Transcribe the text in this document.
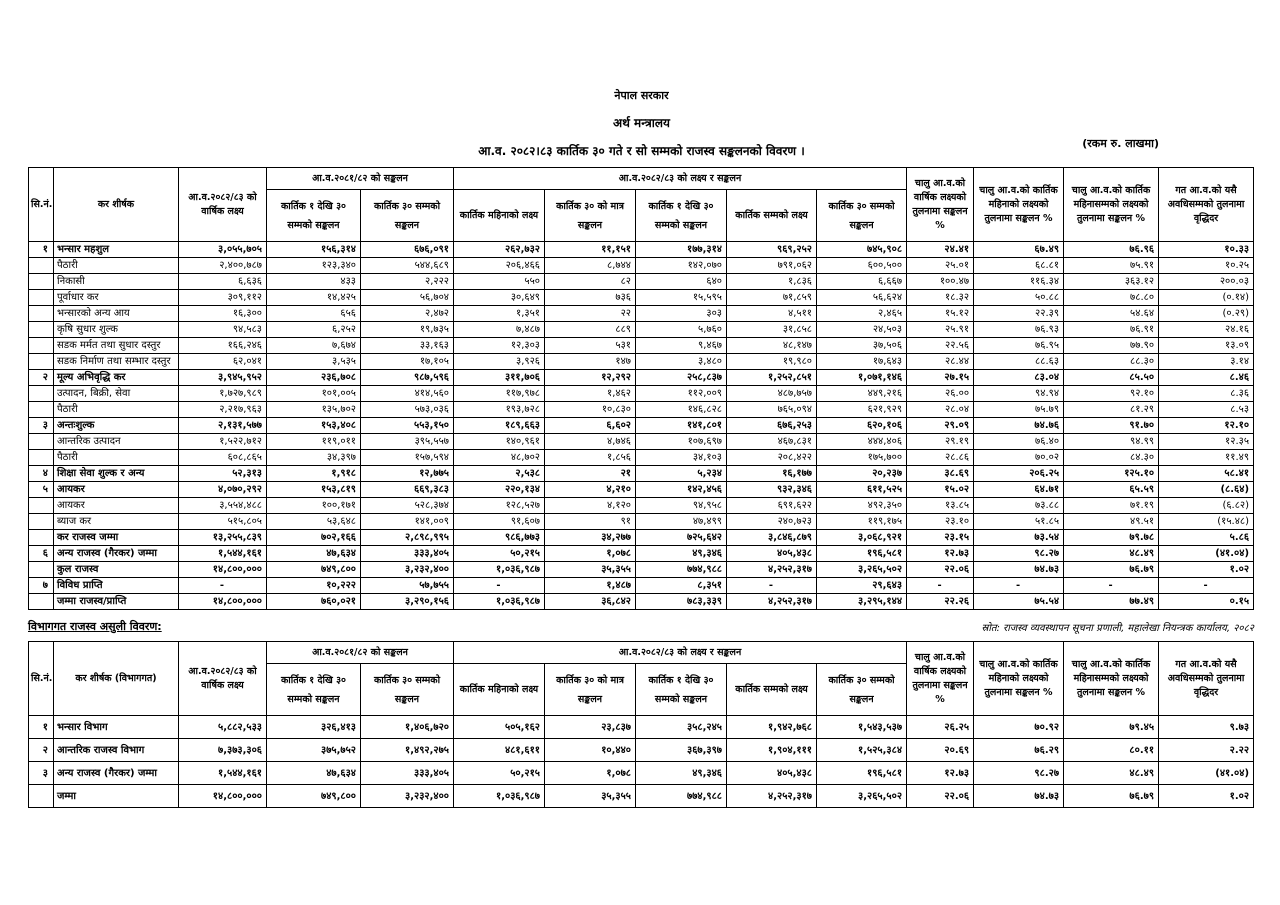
नेपाल सरकार
अर्थ मन्त्रालय
आ.व. २०८२।८३ कार्तिक ३० गते र सो सम्मको राजस्व सङ्कलनको विवरण ।
(रकम रु. लाखमा)
सि.नं.	कर शीर्षक	आ.व.२०८२/८३ को वार्षिक लक्ष्य	आ.व.२०८१/८२ को सङ्कलन		आ.व.२०८२/८३ को लक्ष्य र सङ्कलन					चालु आ.व.को वार्षिक लक्ष्यको तुलनामा सङ्कलन %	चालु आ.व.को कार्तिक महिनाको लक्ष्यको तुलनामा सङ्कलन %	चालु आ.व.को कार्तिक महिनासम्मको लक्ष्यको तुलनामा सङ्कलन %	गत आ.व.को यसै अवधिसम्मको तुलनामा वृद्धिदर
			कार्तिक १ देखि ३० सम्मको सङ्कलन	कार्तिक ३० सम्मको सङ्कलन	कार्तिक महिनाको लक्ष्य	कार्तिक ३० को मात्र सङ्कलन	कार्तिक १ देखि ३० सम्मको सङ्कलन	कार्तिक सम्मको लक्ष्य	कार्तिक ३० सम्मको सङ्कलन				
१	भन्सार महशुल	३,०५५,७०५	१५६,३१४	६७६,०९१	२६२,७३२	११,१५१	१७७,३१४	९६९,२५२	७४५,९०८	२४.४१	६७.४९	७६.९६	१०.३३
	पैठारी	२,४००,७८७	१२३,३४०	५४४,६८९	२०६,४६६	८,७४४	१४२,०७०	७९१,०६२	६००,५००	२५.०१	६८.८१	७५.९१	१०.२५
	निकासी	६,६३६	४३३	२,२२२	५५०	८२	६४०	१,८३६	६,६६७	१००.४७	११६.३४	३६३.१२	२००.०३
	पूर्वाधार कर	३०९,११२	१४,४२५	५६,७०४	३०,६४९	७३६	१५,५९५	७१,८५९	५६,६२४	१८.३२	५०.८८	७८.८०	(०.१४)
	भन्सारको अन्य आय	१६,३००	६५६	२,४७२	१,३५१	२२	३०३	४,५११	२,४६५	१५.१२	२२.३९	५४.६४	(०.२९)
	कृषि सुधार शुल्क	९४,५८३	६,२५२	१९,७३५	७,४८७	८८९	५,७६०	३१,८५८	२४,५०३	२५.९१	७६.९३	७६.९१	२४.१६
	सडक मर्मत तथा सुधार दस्तुर	१६६,२४६	७,६७४	३३,१६३	१२,३०३	५३१	९,४६७	४८,१४७	३७,५०६	२२.५६	७६.९५	७७.९०	१३.०९
	सडक निर्माण तथा सम्भार दस्तुर	६२,०४१	३,५३५	१७,१०५	३,९२६	१४७	३,४८०	१९,९८०	१७,६४३	२८.४४	८८.६३	८८.३०	३.१४
२	मूल्य अभिवृद्धि कर	३,९४५,९५२	२३६,७०८	९८७,५९६	३११,७०६	१२,२९२	२५८,८३७	१,२५२,८५१	१,०७१,१४६	२७.१५	८३.०४	८५.५०	८.४६
	उत्पादन, बिक्री, सेवा	१,७२७,९८९	१०१,००५	४१४,५६०	११७,९७८	१,४६२	११२,००९	४८७,७५७	४४९,२१६	२६.००	९४.९४	९२.१०	८.३६
	पैठारी	२,२१७,९६३	१३५,७०२	५७३,०३६	१९३,७२८	१०,८३०	१४६,८२८	७६५,०९४	६२१,९२९	२८.०४	७५.७९	८१.२९	८.५३
३	अन्तःशुल्क	२,१३१,५७७	१५३,४०८	५५३,१५०	१८९,६६३	६,६०२	१४१,८०१	६७६,२५३	६२०,१०६	२९.०९	७४.७६	९१.७०	१२.१०
	आन्तरिक उत्पादन	१,५२२,७१२	११९,०११	३९५,५५७	१४०,९६१	४,७४६	१०७,६९७	४६७,८३१	४४४,४०६	२९.१९	७६.४०	९४.९९	१२.३५
	पैठारी	६०८,८६५	३४,३९७	१५७,५९४	४८,७०२	१,८५६	३४,१०३	२०८,४२२	१७५,७००	२८.८६	७०.०२	८४.३०	११.४९
४	शिक्षा सेवा शुल्क र अन्य	५२,३१३	१,९१८	१२,७७५	२,५३८	२१	५,२३४	१६,१७७	२०,२३७	३८.६९	२०६.२५	१२५.१०	५८.४१
५	आयकर	४,०७०,२९२	१५३,८१९	६६९,३८३	२२०,१३४	४,२१०	१४२,४५६	९३२,३४६	६११,५२५	१५.०२	६४.७१	६५.५९	(८.६४)
	आयकर	३,५५४,४८८	१००,१७१	५२८,३७४	१२८,५२७	४,१२०	९४,९५८	६९१,६२२	४९२,३५०	१३.८५	७३.८८	७१.१९	(६.८२)
	ब्याज कर	५१५,८०५	५३,६४८	१४१,००९	९१,६०७	९१	४७,४९९	२४०,७२३	११९,१७५	२३.१०	५१.८५	४९.५१	(१५.४८)
	कर राजस्व जम्मा	१३,२५५,८३९	७०२,१६६	२,८९८,९९५	९८६,७७३	३४,२७७	७२५,६४२	३,८४६,८७९	३,०६८,९२१	२३.१५	७३.५४	७९.७८	५.८६
६	अन्य राजस्व (गैरकर) जम्मा	१,५४४,१६१	४७,६३४	३३३,४०५	५०,२१५	१,०७८	४९,३४६	४०५,४३८	१९६,५८१	१२.७३	९८.२७	४८.४९	(४१.०४)
	कुल राजस्व	१४,८००,०००	७४९,८००	३,२३२,४००	१,०३६,९८७	३५,३५५	७७४,९८८	४,२५२,३१७	३,२६५,५०२	२२.०६	७४.७३	७६.७९	१.०२
७	विविध प्राप्ति	-	१०,२२२	५७,७५५	-	१,४८७	८,३५१	-	२९,६४३	-	-	-	-
	जम्मा राजस्व/प्राप्ति	१४,८००,०००	७६०,०२१	३,२९०,१५६	१,०३६,९८७	३६,८४२	७८३,३३९	४,२५२,३१७	३,२९५,१४४	२२.२६	७५.५४	७७.४९	०.१५
विभागगत राजस्व असुली विवरण:	स्रोत: राजस्व व्यवस्थापन सूचना प्रणाली, महालेखा नियन्त्रक कार्यालय, २०८२
सि.नं.	कर शीर्षक (विभागगत)	आ.व.२०८२/८३ को वार्षिक लक्ष्य	आ.व.२०८१/८२ को सङ्कलन		आ.व.२०८२/८३ को लक्ष्य र सङ्कलन					चालु आ.व.को वार्षिक लक्ष्यको तुलनामा सङ्कलन %	चालु आ.व.को कार्तिक महिनाको लक्ष्यको तुलनामा सङ्कलन %	चालु आ.व.को कार्तिक महिनासम्मको लक्ष्यको तुलनामा सङ्कलन %	गत आ.व.को यसै अवधिसम्मको तुलनामा वृद्धिदर
			कार्तिक १ देखि ३० सम्मको सङ्कलन	कार्तिक ३० सम्मको सङ्कलन	कार्तिक महिनाको लक्ष्य	कार्तिक ३० को मात्र सङ्कलन	कार्तिक १ देखि ३० सम्मको सङ्कलन	कार्तिक सम्मको लक्ष्य	कार्तिक ३० सम्मको सङ्कलन				
१	भन्सार विभाग	५,८८२,५३३	३२६,४१३	१,४०६,७२०	५०५,१६२	२३,८३७	३५८,२४५	१,९४२,७६८	१,५४३,५३७	२६.२५	७०.९२	७९.४५	९.७३
२	आन्तरिक राजस्व विभाग	७,३७३,३०६	३७५,७५२	१,४९२,२७५	४८१,६११	१०,४४०	३६७,३९७	१,९०४,१११	१,५२५,३८४	२०.६९	७६.२९	८०.११	२.२२
३	अन्य राजस्व (गैरकर) जम्मा	१,५४४,१६१	४७,६३४	३३३,४०५	५०,२१५	१,०७८	४९,३४६	४०५,४३८	१९६,५८१	१२.७३	९८.२७	४८.४९	(४१.०४)
	जम्मा	१४,८००,०००	७४९,८००	३,२३२,४००	१,०३६,९८७	३५,३५५	७७४,९८८	४,२५२,३१७	३,२६५,५०२	२२.०६	७४.७३	७६.७९	१.०२
